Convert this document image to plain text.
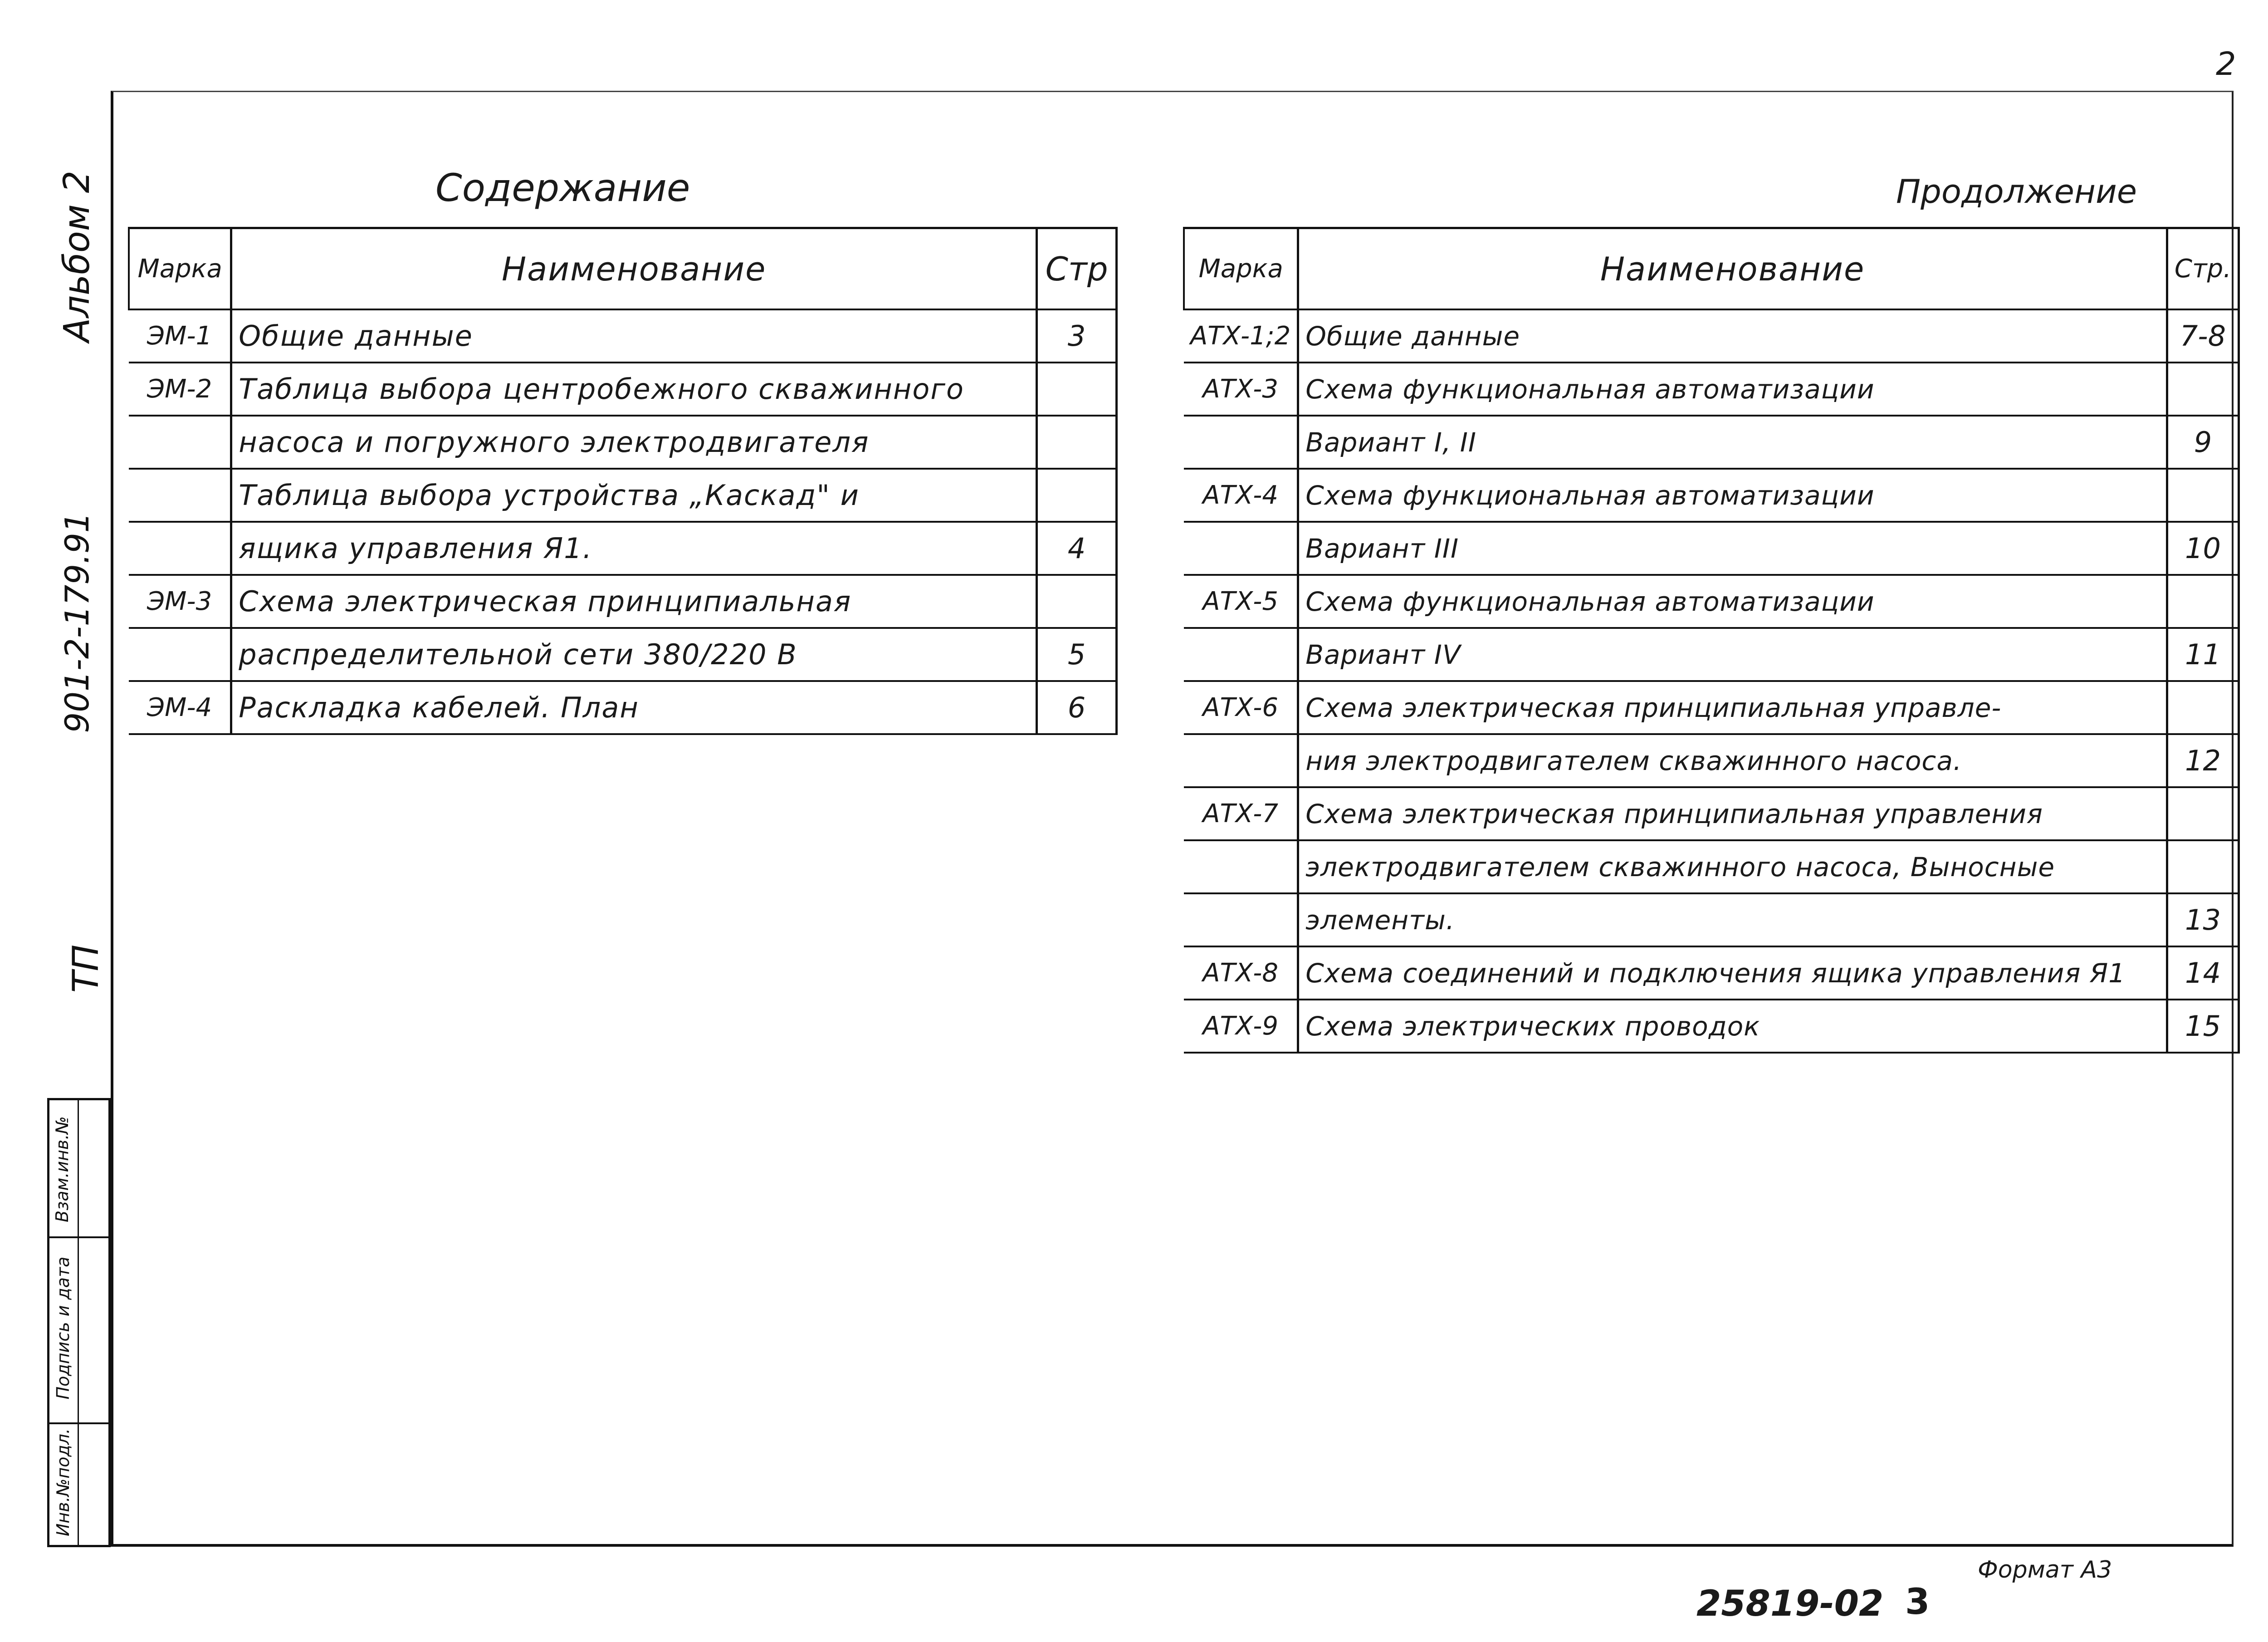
2
Альбом 2
901-2-179.91
ТП
Взам.инв.№
Подпись и дата
Инв.№подл.
Содержание
Марка	Наименование	Стр
ЭМ-1	Общие данные	3
ЭМ-2	Таблица выбора центробежного скважинного	
	насоса и погружного электродвигателя	
	Таблица выбора устройства „Каскад" и	
	ящика управления Я1.	4
ЭМ-3	Схема электрическая принципиальная	
	распределительной сети 380/220 В	5
ЭМ-4	Раскладка кабелей. План	6
Продолжение
Марка	Наименование	Стр.
АТХ-1;2	Общие данные	7-8
АТХ-3	Схема функциональная автоматизации	
	Вариант I, II	9
АТХ-4	Схема функциональная автоматизации	
	Вариант III	10
АТХ-5	Схема функциональная автоматизации	
	Вариант IV	11
АТХ-6	Схема электрическая принципиальная управле-	
	ния электродвигателем скважинного насоса.	12
АТХ-7	Схема электрическая принципиальная управления	
	электродвигателем скважинного насоса, Выносные	
	элементы.	13
АТХ-8	Схема соединений и подключения ящика управления Я1	14
АТХ-9	Схема электрических проводок	15
Формат А3
25819-02 3
